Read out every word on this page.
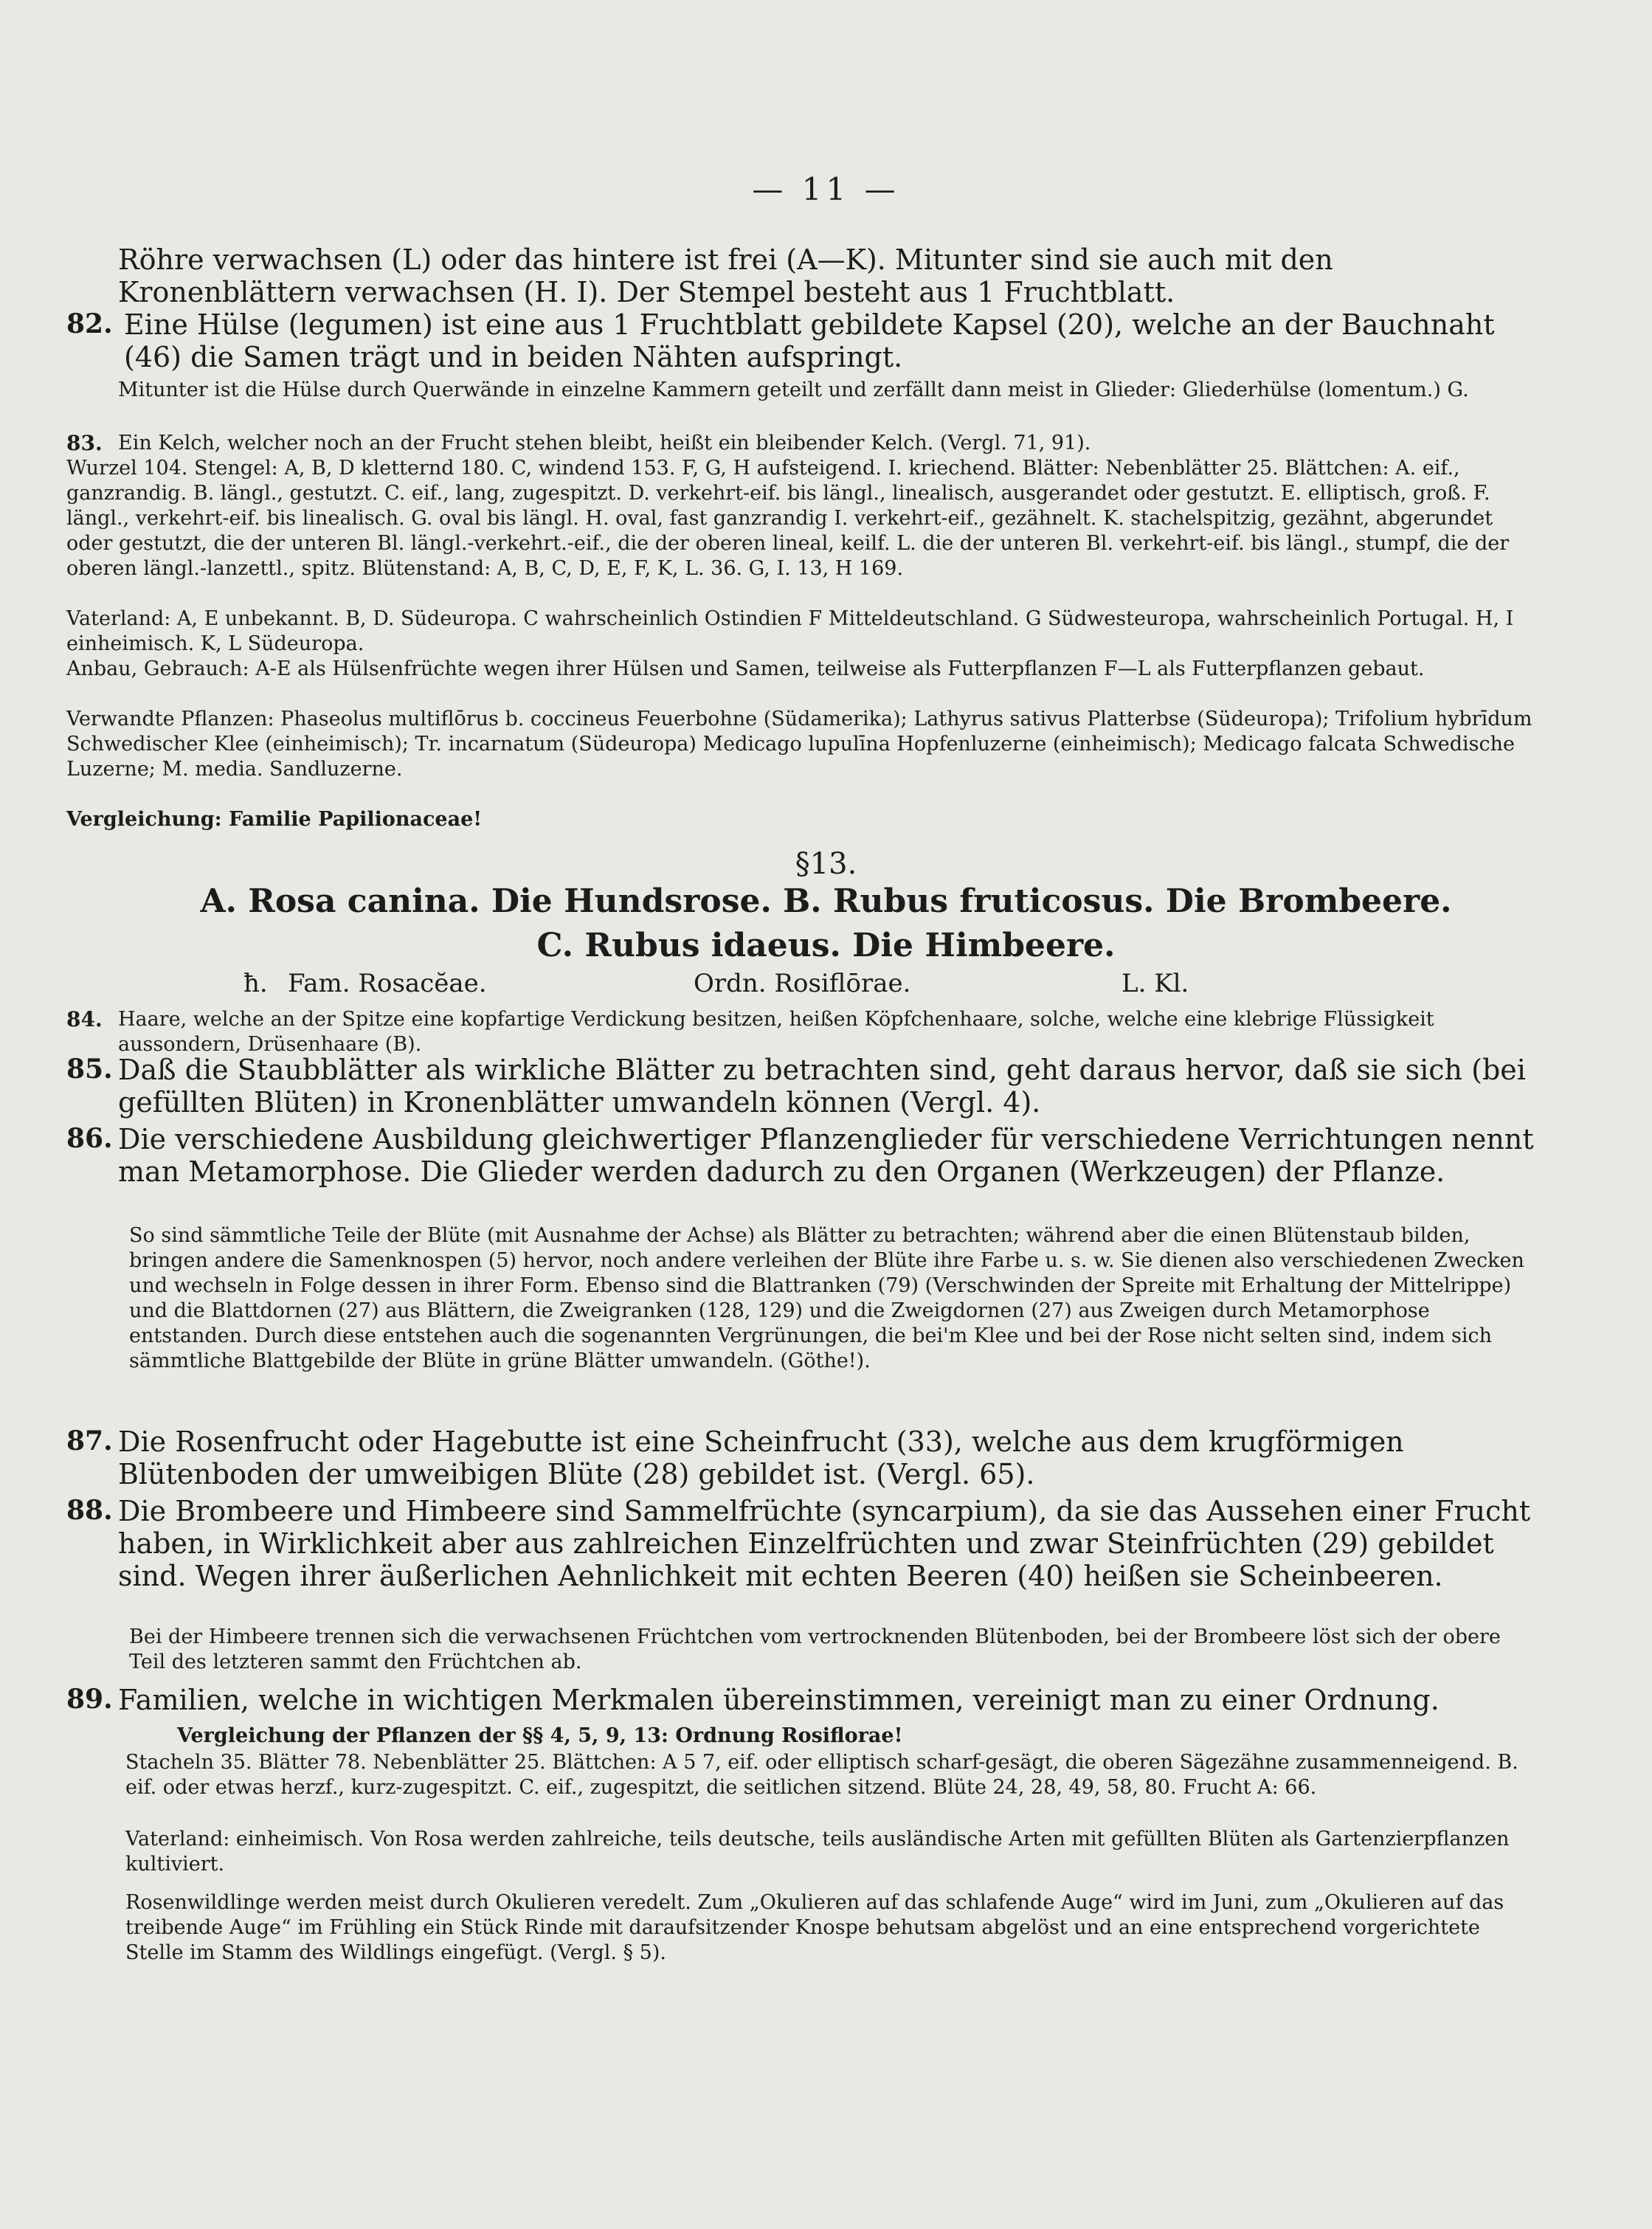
— 11 —
Röhre verwachsen (L) oder das hintere ist frei (A—K). Mitunter sind sie auch mit den Kronenblättern verwachsen (H. I). Der Stempel besteht aus 1 Fruchtblatt.
82. Eine Hülse (legumen) ist eine aus 1 Fruchtblatt gebildete Kapsel (20), welche an der Bauchnaht (46) die Samen trägt und in beiden Nähten aufspringt.
Mitunter ist die Hülse durch Querwände in einzelne Kammern geteilt und zerfällt dann meist in Glieder: Gliederhülse (lomentum.) G.
83. Ein Kelch, welcher noch an der Frucht stehen bleibt, heißt ein bleibender Kelch. (Vergl. 71, 91).
Wurzel 104. Stengel: A, B, D kletternd 180. C, windend 153. F, G, H aufsteigend. I. kriechend. Blätter: Nebenblätter 25. Blättchen: A. eif., ganzrandig. B. längl., gestutzt. C. eif., lang, zugespitzt. D. verkehrt-eif. bis längl., linealisch, ausgerandet oder gestutzt. E. elliptisch, groß. F. längl., verkehrt-eif. bis linealisch. G. oval bis längl. H. oval, fast ganzrandig I. verkehrt-eif., gezähnelt. K. stachelspitzig, gezähnt, abgerundet oder gestutzt, die der unteren Bl. längl.-verkehrt.-eif., die der oberen lineal, keilf. L. die der unteren Bl. verkehrt-eif. bis längl., stumpf, die der oberen längl.-lanzettl., spitz. Blütenstand: A, B, C, D, E, F, K, L. 36. G, I. 13, H 169.
Vaterland: A, E unbekannt. B, D. Südeuropa. C wahrscheinlich Ostindien F Mitteldeutschland. G Südwesteuropa, wahrscheinlich Portugal. H, I einheimisch. K, L Südeuropa.
Anbau, Gebrauch: A-E als Hülsenfrüchte wegen ihrer Hülsen und Samen, teilweise als Futterpflanzen F—L als Futterpflanzen gebaut.
Verwandte Pflanzen: Phaseolus multiflōrus b. coccineus Feuerbohne (Südamerika); Lathyrus sativus Platterbse (Südeuropa); Trifolium hybrīdum Schwedischer Klee (einheimisch); Tr. incarnatum (Südeuropa) Medicago lupulīna Hopfenluzerne (einheimisch); Medicago falcata Schwedische Luzerne; M. media. Sandluzerne.
Vergleichung: Familie Papilionaceae!
§13.
A. Rosa canina. Die Hundsrose. B. Rubus fruticosus. Die Brombeere.
C. Rubus idaeus. Die Himbeere.
ħ. Fam. Rosacĕae.	Ordn. Rosiflōrae.	L. Kl.
84. Haare, welche an der Spitze eine kopfartige Verdickung besitzen, heißen Köpfchenhaare, solche, welche eine klebrige Flüssigkeit aussondern, Drüsenhaare (B).
85. Daß die Staubblätter als wirkliche Blätter zu betrachten sind, geht daraus hervor, daß sie sich (bei gefüllten Blüten) in Kronenblätter umwandeln können (Vergl. 4).
86. Die verschiedene Ausbildung gleichwertiger Pflanzenglieder für verschiedene Verrichtungen nennt man Metamorphose. Die Glieder werden dadurch zu den Organen (Werkzeugen) der Pflanze.
So sind sämmtliche Teile der Blüte (mit Ausnahme der Achse) als Blätter zu betrachten; während aber die einen Blütenstaub bilden, bringen andere die Samenknospen (5) hervor, noch andere verleihen der Blüte ihre Farbe u. s. w. Sie dienen also verschiedenen Zwecken und wechseln in Folge dessen in ihrer Form. Ebenso sind die Blattranken (79) (Verschwinden der Spreite mit Erhaltung der Mittelrippe) und die Blattdornen (27) aus Blättern, die Zweigranken (128, 129) und die Zweigdornen (27) aus Zweigen durch Metamorphose entstanden. Durch diese entstehen auch die sogenannten Vergrünungen, die bei'm Klee und bei der Rose nicht selten sind, indem sich sämmtliche Blattgebilde der Blüte in grüne Blätter umwandeln. (Göthe!).
87. Die Rosenfrucht oder Hagebutte ist eine Scheinfrucht (33), welche aus dem krugförmigen Blütenboden der umweibigen Blüte (28) gebildet ist. (Vergl. 65).
88. Die Brombeere und Himbeere sind Sammelfrüchte (syncarpium), da sie das Aussehen einer Frucht haben, in Wirklichkeit aber aus zahlreichen Einzelfrüchten und zwar Steinfrüchten (29) gebildet sind. Wegen ihrer äußerlichen Aehnlichkeit mit echten Beeren (40) heißen sie Scheinbeeren.
Bei der Himbeere trennen sich die verwachsenen Früchtchen vom vertrocknenden Blütenboden, bei der Brombeere löst sich der obere Teil des letzteren sammt den Früchtchen ab.
89. Familien, welche in wichtigen Merkmalen übereinstimmen, vereinigt man zu einer Ordnung.
Vergleichung der Pflanzen der §§ 4, 5, 9, 13: Ordnung Rosiflorae!
Stacheln 35. Blätter 78. Nebenblätter 25. Blättchen: A 5 7, eif. oder elliptisch scharf-gesägt, die oberen Sägezähne zusammenneigend. B. eif. oder etwas herzf., kurz-zugespitzt. C. eif., zugespitzt, die seitlichen sitzend. Blüte 24, 28, 49, 58, 80. Frucht A: 66.
Vaterland: einheimisch. Von Rosa werden zahlreiche, teils deutsche, teils ausländische Arten mit gefüllten Blüten als Gartenzierpflanzen kultiviert.
Rosenwildlinge werden meist durch Okulieren veredelt. Zum „Okulieren auf das schlafende Auge“ wird im Juni, zum „Okulieren auf das treibende Auge“ im Frühling ein Stück Rinde mit daraufsitzender Knospe behutsam abgelöst und an eine entsprechend vorgerichtete Stelle im Stamm des Wildlings eingefügt. (Vergl. § 5).
